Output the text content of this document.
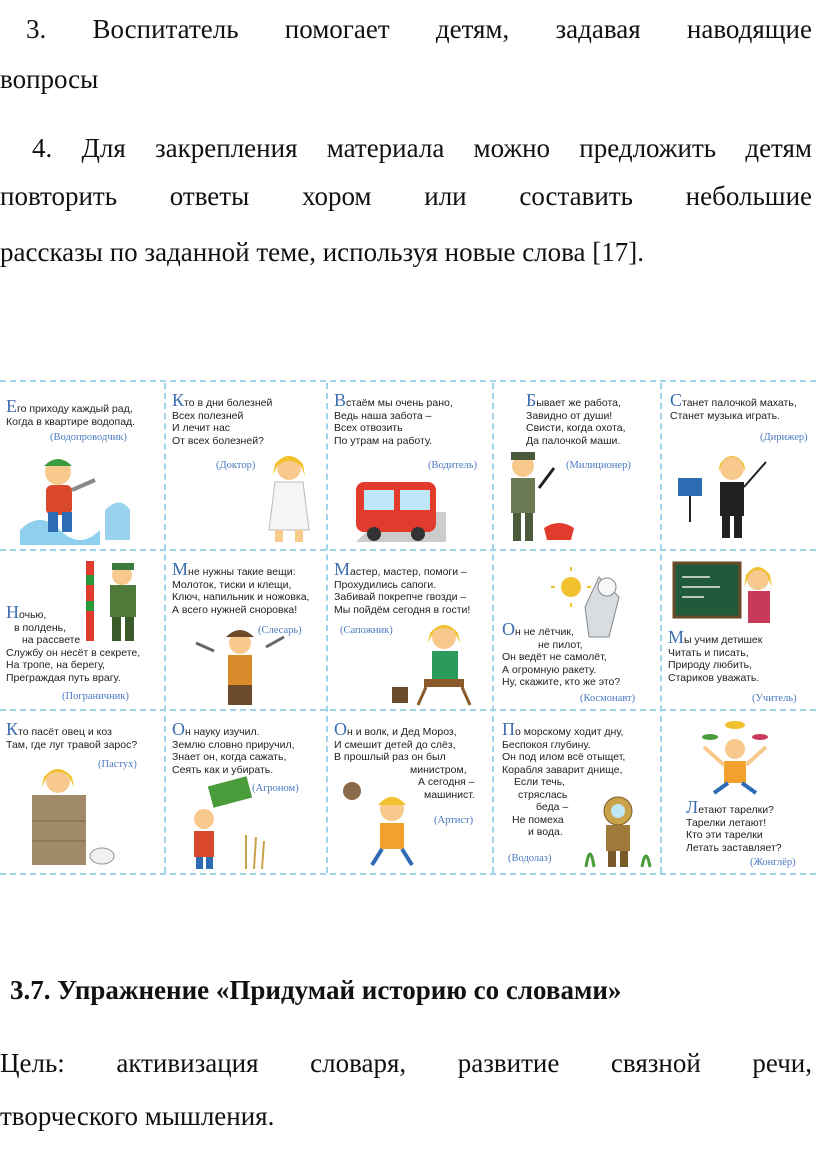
3. Воспитатель помогает детям, задавая наводящие
вопросы
4. Для закрепления материала можно предложить детям
повторить ответы хором или составить небольшие
рассказы по заданной теме, используя новые слова [17].
Его приходу каждый рад,
Когда в квартире водопад.
(Водопроводчик)
Кто в дни болезней
Всех полезней
И лечит нас
От всех болезней?
(Доктор)
Встаём мы очень рано,
Ведь наша забота –
Всех отвозить
По утрам на работу.
(Водитель)
Бывает же работа,
Завидно от души!
Свисти, когда охота,
Да палочкой маши.
(Милиционер)
Станет палочкой махать,
Станет музыка играть.
(Дирижер)
Ночью,
в полдень,
на рассвете
Службу он несёт в секрете,
На тропе, на берегу,
Преграждая путь врагу.
(Пограничник)
Мне нужны такие вещи:
Молоток, тиски и клещи,
Ключ, напильник и ножовка,
А всего нужней сноровка!
(Слесарь)
Мастер, мастер, помоги –
Прохудились сапоги.
Забивай покрепче гвозди –
Мы пойдём сегодня в гости!
(Сапожник)	Он не лётчик,
не пилот,
Он ведёт не самолёт,
А огромную ракету.
Ну, скажите, кто же это?
(Космонавт)
Мы учим детишек
Читать и писать,
Природу любить,
Стариков уважать.
(Учитель)
Кто пасёт овец и коз
Там, где луг травой зарос?
(Пастух)
Он науку изучил.
Землю словно приручил,
Знает он, когда сажать,
Сеять как и убирать.
(Агроном)
Он и волк, и Дед Мороз,
И смешит детей до слёз,
В прошлый раз он был
министром,
А сегодня –
машинист.
(Артист)
По морскому ходит дну,
Беспокоя глубину.
Он под илом всё отыщет,
Корабля заварит днище,
Если течь,
стряслась
беда –
Не помеха
и вода.
(Водолаз)
Летают тарелки?
Тарелки летают!
Кто эти тарелки
Летать заставляет?
(Жонглёр)
3.7. Упражнение «Придумай историю со словами»
Цель: активизация словаря, развитие связной речи,
творческого мышления.
